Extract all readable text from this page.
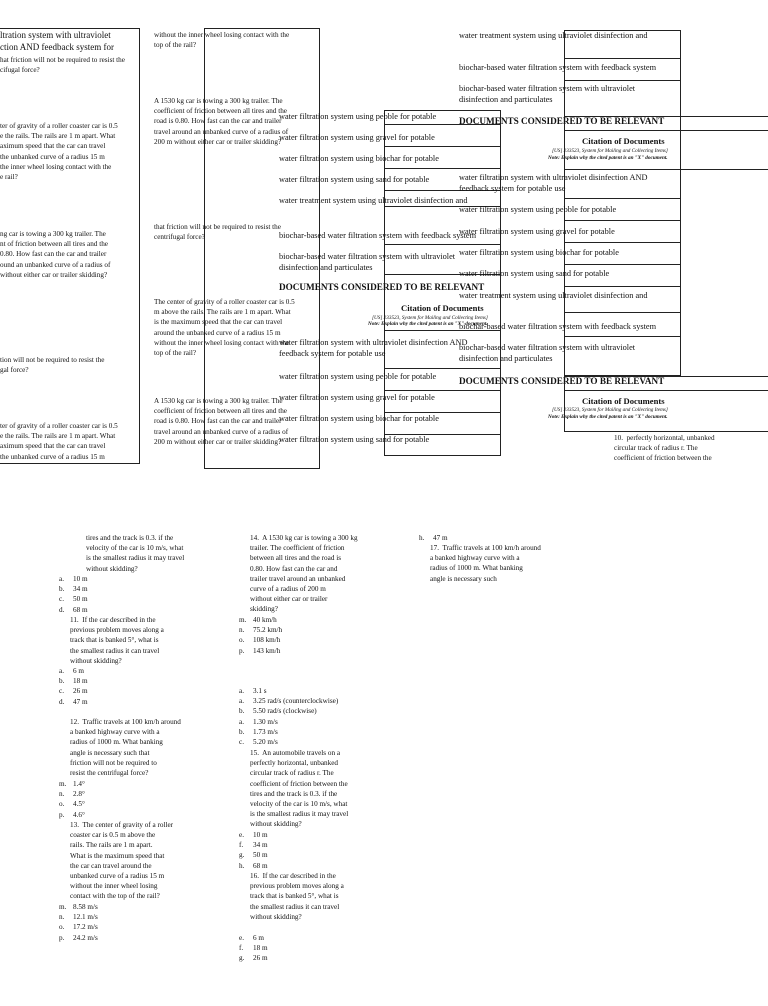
ltration system with ultraviolet
ction AND feedback system for
hat friction will not be required to resist the
cifugal force?
ter of gravity of a roller coaster car is 0.5
e the rails. The rails are 1 m apart. What
aximum speed that the car can travel
the unbanked curve of a radius 15 m
the inner wheel losing contact with the
e rail?
ng car is towing a 300 kg trailer. The
nt of friction between all tires and the
0.80. How fast can the car and trailer
ound an unbanked curve of a radius of
without either car or trailer skidding?
tion will not be required to resist the
gal force?
ter of gravity of a roller coaster car is 0.5
e the rails. The rails are 1 m apart. What
aximum speed that the car can travel
the unbanked curve of a radius 15 m
without the inner wheel losing contact with the
top of the rail?
A 1530 kg car is towing a 300 kg trailer. The
coefficient of friction between all tires and the
road is 0.80. How fast can the car and trailer
travel around an unbanked curve of a radius of
200 m without either car or trailer skidding?
that friction will not be required to resist the
centrifugal force?
The center of gravity of a roller coaster car is 0.5
m above the rails. The rails are 1 m apart. What
is the maximum speed that the car can travel
around the unbanked curve of a radius 15 m
without the inner wheel losing contact with the
top of the rail?
A 1530 kg car is towing a 300 kg trailer. The
coefficient of friction between all tires and the
road is 0.80. How fast can the car and trailer
travel around an unbanked curve of a radius of
200 m without either car or trailer skidding?
water filtration system using pebble for potable
water filtration system using gravel for potable
water filtration system using biochar for potable
water filtration system using sand for potable
water treatment system using ultraviolet disinfection and
biochar-based water filtration system with feedback system
biochar-based water filtration system with ultraviolet
disinfection and particulates
DOCUMENTS CONSIDERED TO BE RELEVANT
Citation of Documents
[US] 233523, System for Mailing and Collecting Items]
Note: Explain why the cited patent is an "X" document.
water filtration system with ultraviolet disinfection AND
feedback system for potable use
water filtration system using pebble for potable
water filtration system using gravel for potable
water filtration system using biochar for potable
water filtration system using sand for potable
water treatment system using ultraviolet disinfection and
biochar-based water filtration system with feedback system
biochar-based water filtration system with ultraviolet
disinfection and particulates
DOCUMENTS CONSIDERED TO BE RELEVANT
Citation of Documents
[US] 233523, System for Mailing and Collecting Items]
Note: Explain why the cited patent is an "X" document.
water filtration system with ultraviolet disinfection AND
feedback system for potable use
water filtration system using pebble for potable
water filtration system using gravel for potable
water filtration system using biochar for potable
water filtration system using sand for potable
water treatment system using ultraviolet disinfection and
biochar-based water filtration system with feedback system
biochar-based water filtration system with ultraviolet
disinfection and particulates
DOCUMENTS CONSIDERED TO BE RELEVANT
Citation of Documents
[US] 233523, System for Mailing and Collecting Items]
Note: Explain why the cited patent is an "X" document.
10.  perfectly horizontal, unbanked
circular track of radius r. The
coefficient of friction between the
tires and the track is 0.3. if the
velocity of the car is 10 m/s, what
is the smallest radius it may travel
without skidding?
a. 10 m
b. 34 m
c. 50 m
d. 68 m
11.  If the car described in the
previous problem moves along a
track that is banked 5°, what is
the smallest radius it can travel
without skidding?
a. 6 m
b. 18 m
c. 26 m
d. 47 m
12.  Traffic travels at 100 km/h around
a banked highway curve with a
radius of 1000 m. What banking
angle is necessary such that
friction will not be required to
resist the centrifugal force?
m. 1.4°
n. 2.8°
o. 4.5°
p. 4.6°
13.  The center of gravity of a roller
coaster car is 0.5 m above the
rails. The rails are 1 m apart.
What is the maximum speed that
the car can travel around the
unbanked curve of a radius 15 m
without the inner wheel losing
contact with the top of the rail?
m. 8.58 m/s
n. 12.1 m/s
o. 17.2 m/s
p. 24.2 m/s
14.  A 1530 kg car is towing a 300 kg
trailer. The coefficient of friction
between all tires and the road is
0.80. How fast can the car and
trailer travel around an unbanked
curve of a radius of 200 m
without either car or trailer
skidding?
m. 40 km/h
n. 75.2 km/h
o. 108 km/h
p. 143 km/h
a. 3.1 s
a. 3.25 rad/s (counterclockwise)
b. 5.50 rad/s (clockwise)
a. 1.30 m/s
b. 1.73 m/s
c. 5.20 m/s
15.  An automobile travels on a
perfectly horizontal, unbanked
circular track of radius r. The
coefficient of friction between the
tires and the track is 0.3. if the
velocity of the car is 10 m/s, what
is the smallest radius it may travel
without skidding?
e. 10 m
f. 34 m
g. 50 m
h. 68 m
16.  If the car described in the
previous problem moves along a
track that is banked 5°, what is
the smallest radius it can travel
without skidding?
e. 6 m
f. 18 m
g. 26 m
h. 47 m
17.  Traffic travels at 100 km/h around
a banked highway curve with a
radius of 1000 m. What banking
angle is necessary such
